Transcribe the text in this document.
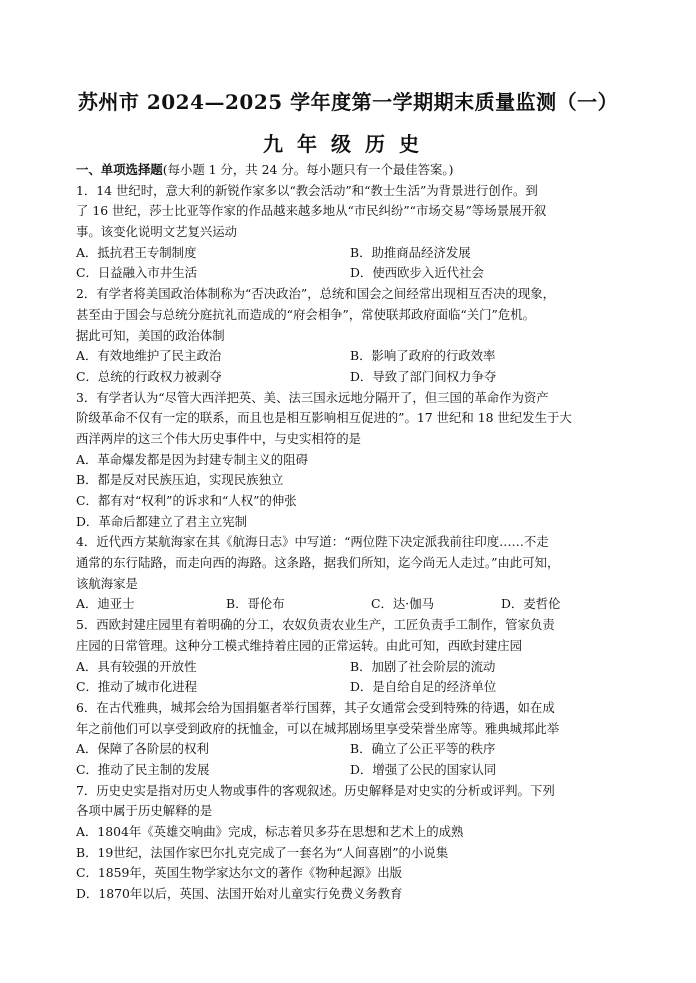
苏州市 2024—2025 学年度第一学期期末质量监测（一）
九年级历史
一、单项选择题(每小题 1 分，共 24 分。每小题只有一个最佳答案。)
1．14 世纪时，意大利的新锐作家多以“教会活动”和“教士生活”为背景进行创作。到
了 16 世纪，莎士比亚等作家的作品越来越多地从“市民纠纷”“市场交易”等场景展开叙
事。该变化说明文艺复兴运动
A．抵抗君王专制制度	B．助推商品经济发展
C．日益融入市井生活	D．使西欧步入近代社会
2．有学者将美国政治体制称为“否决政治”，总统和国会之间经常出现相互否决的现象，
甚至由于国会与总统分庭抗礼而造成的“府会相争”，常使联邦政府面临“关门”危机。
据此可知，美国的政治体制
A．有效地维护了民主政治	B．影响了政府的行政效率
C．总统的行政权力被剥夺	D．导致了部门间权力争夺
3．有学者认为“尽管大西洋把英、美、法三国永远地分隔开了，但三国的革命作为资产
阶级革命不仅有一定的联系，而且也是相互影响相互促进的”。17 世纪和 18 世纪发生于大
西洋两岸的这三个伟大历史事件中，与史实相符的是
A．革命爆发都是因为封建专制主义的阻碍
B．都是反对民族压迫，实现民族独立
C．都有对“权利”的诉求和“人权”的伸张
D．革命后都建立了君主立宪制
4．近代西方某航海家在其《航海日志》中写道：“两位陛下决定派我前往印度……不走
通常的东行陆路，而走向西的海路。这条路，据我们所知，迄今尚无人走过。”由此可知，
该航海家是
A．迪亚士	B．哥伦布	C．达·伽马	D．麦哲伦
5．西欧封建庄园里有着明确的分工，农奴负责农业生产，工匠负责手工制作，管家负责
庄园的日常管理。这种分工模式维持着庄园的正常运转。由此可知，西欧封建庄园
A．具有较强的开放性	B．加剧了社会阶层的流动
C．推动了城市化进程	D．是自给自足的经济单位
6．在古代雅典，城邦会给为国捐躯者举行国葬，其子女通常会受到特殊的待遇，如在成
年之前他们可以享受到政府的抚恤金，可以在城邦剧场里享受荣誉坐席等。雅典城邦此举
A．保障了各阶层的权利	B．确立了公正平等的秩序
C．推动了民主制的发展	D．增强了公民的国家认同
7．历史史实是指对历史人物或事件的客观叙述。历史解释是对史实的分析或评判。下列
各项中属于历史解释的是
A．1804年《英雄交响曲》完成，标志着贝多芬在思想和艺术上的成熟
B．19世纪，法国作家巴尔扎克完成了一套名为“人间喜剧”的小说集
C．1859年，英国生物学家达尔文的著作《物种起源》出版
D．1870年以后，英国、法国开始对儿童实行免费义务教育
